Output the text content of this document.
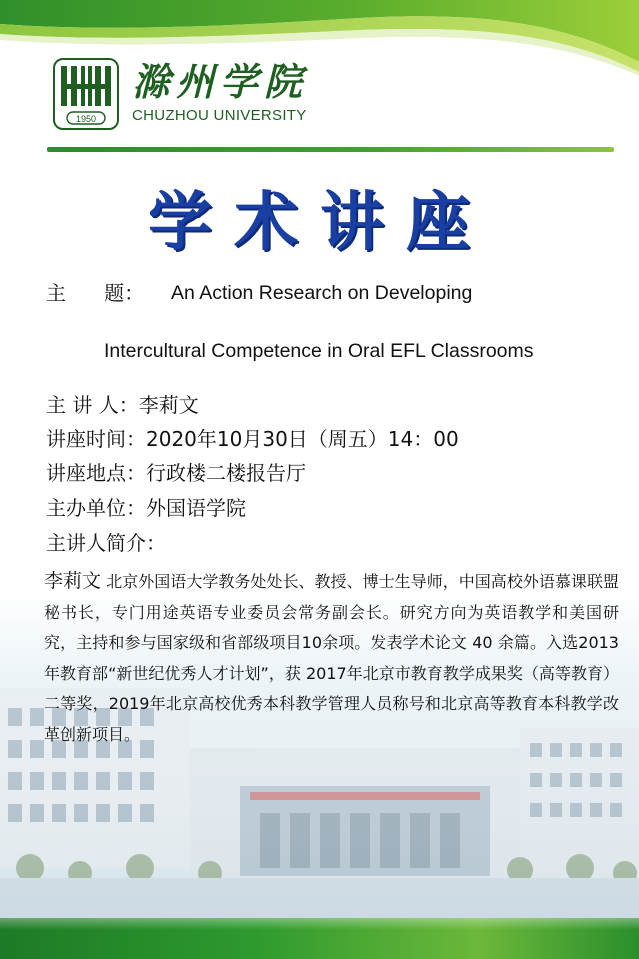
1950
滁州学院
CHUZHOU UNIVERSITY
学术讲座
主      题： An Action Research on Developing
Intercultural Competence in Oral EFL Classrooms
主 讲 人：李莉文
讲座时间：2020年10月30日（周五）14：00
讲座地点：行政楼二楼报告厅
主办单位：外国语学院
主讲人简介：
李莉文 北京外国语大学教务处处长、教授、博士生导师，中国高校外语慕课联盟秘书长，专门用途英语专业委员会常务副会长。研究方向为英语教学和美国研究，主持和参与国家级和省部级项目10余项。发表学术论文 40 余篇。入选2013 年教育部“新世纪优秀人才计划”，获 2017年北京市教育教学成果奖（高等教育）二等奖，2019年北京高校优秀本科教学管理人员称号和北京高等教育本科教学改革创新项目。
